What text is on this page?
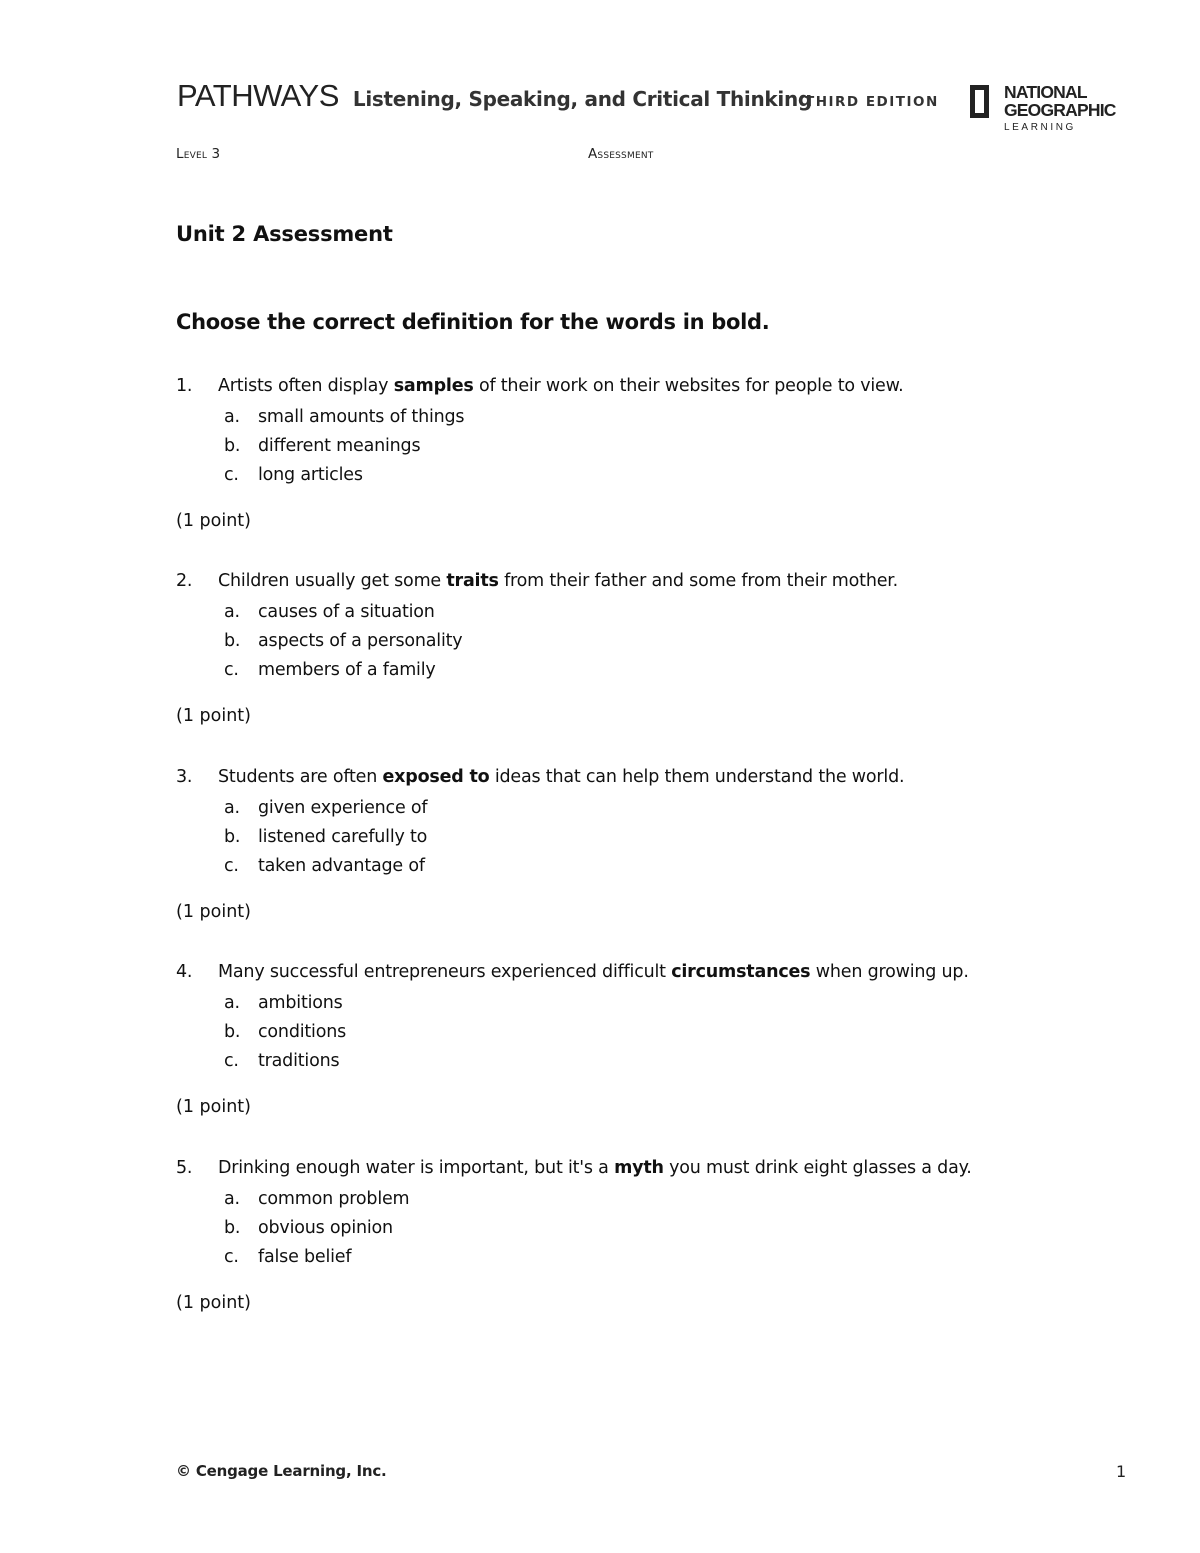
PATHWAYS Listening, Speaking, and Critical Thinking
THIRD EDITION	NATIONAL
GEOGRAPHIC
LEARNING
Level 3	Assessment
Unit 2 Assessment
Choose the correct definition for the words in bold.
1. Artists often display samples of their work on their websites for people to view.
a. small amounts of things
b. different meanings
c. long articles
(1 point)
2. Children usually get some traits from their father and some from their mother.
a. causes of a situation
b. aspects of a personality
c. members of a family
(1 point)
3. Students are often exposed to ideas that can help them understand the world.
a. given experience of
b. listened carefully to
c. taken advantage of
(1 point)
4. Many successful entrepreneurs experienced difficult circumstances when growing up.
a. ambitions
b. conditions
c. traditions
(1 point)
5. Drinking enough water is important, but it's a myth you must drink eight glasses a day.
a. common problem
b. obvious opinion
c. false belief
(1 point)
© Cengage Learning, Inc.	1
